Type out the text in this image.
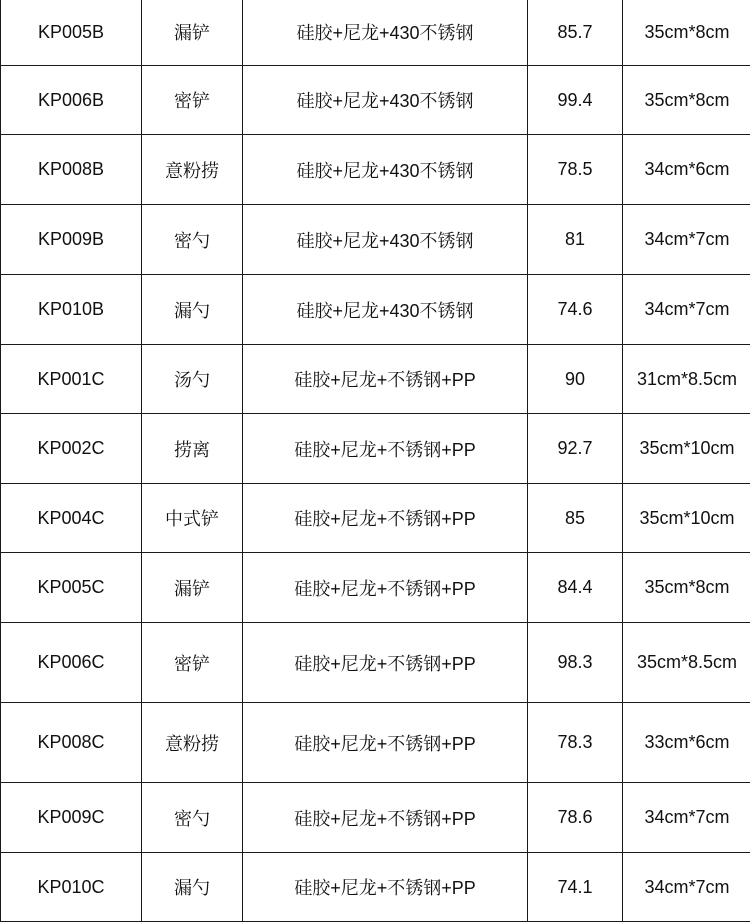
KP005B	漏铲	硅胶+尼龙+430不锈钢	85.7	35cm*8cm
KP006B	密铲	硅胶+尼龙+430不锈钢	99.4	35cm*8cm
KP008B	意粉捞	硅胶+尼龙+430不锈钢	78.5	34cm*6cm
KP009B	密勺	硅胶+尼龙+430不锈钢	81	34cm*7cm
KP010B	漏勺	硅胶+尼龙+430不锈钢	74.6	34cm*7cm
KP001C	汤勺	硅胶+尼龙+不锈钢+PP	90	31cm*8.5cm
KP002C	捞离	硅胶+尼龙+不锈钢+PP	92.7	35cm*10cm
KP004C	中式铲	硅胶+尼龙+不锈钢+PP	85	35cm*10cm
KP005C	漏铲	硅胶+尼龙+不锈钢+PP	84.4	35cm*8cm
KP006C	密铲	硅胶+尼龙+不锈钢+PP	98.3	35cm*8.5cm
KP008C	意粉捞	硅胶+尼龙+不锈钢+PP	78.3	33cm*6cm
KP009C	密勺	硅胶+尼龙+不锈钢+PP	78.6	34cm*7cm
KP010C	漏勺	硅胶+尼龙+不锈钢+PP	74.1	34cm*7cm
